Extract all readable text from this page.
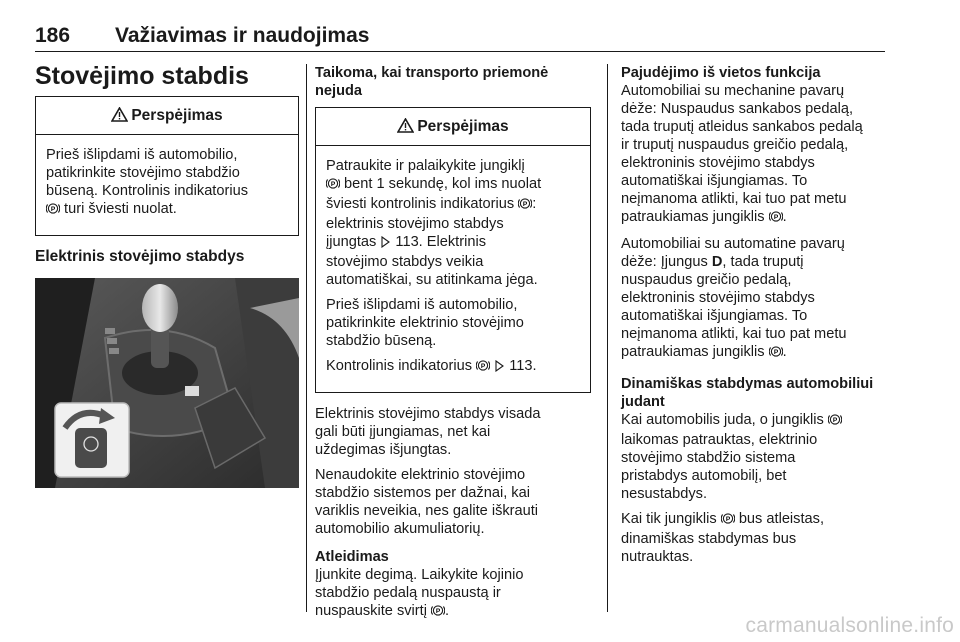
186 Važiavimas ir naudojimas
Stovėjimo stabdis
Perspėjimas

Prieš išlipdami iš automobilio,
patikrinkite stovėjimo stabdžio
būseną. Kontrolinis indikatorius

P turi šviesti nuolat.

Elektrinis stovėjimo stabdys

Taikoma, kai transporto priemonė
nejuda

Perspėjimas

Patraukite ir palaikykite jungiklį

P bent 1 sekundę, kol ims nuolat
šviesti kontrolinis indikatorius P :
elektrinis stovėjimo stabdys
įjungtas  113. Elektrinis
stovėjimo stabdys veikia
automatiškai, su atitinkama jėga.

Prieš išlipdami iš automobilio,
patikrinkite elektrinio stovėjimo
stabdžio būseną.

Kontrolinis indikatorius P 113.

Elektrinis stovėjimo stabdys visada
gali būti įjungiamas, net kai
uždegimas išjungtas.

Nenaudokite elektrinio stovėjimo
stabdžio sistemos per dažnai, kai
variklis neveikia, nes galite iškrauti
automobilio akumuliatorių.

Atleidimas
Įjunkite degimą. Laikykite kojinio
stabdžio pedalą nuspaustą ir
nuspauskite svirtį P .

Pajudėjimo iš vietos funkcija
Automobiliai su mechanine pavarų
dėže: Nuspaudus sankabos pedalą,
tada truputį atleidus sankabos pedalą
ir truputį nuspaudus greičio pedalą,
elektroninis stovėjimo stabdys
automatiškai išjungiamas. To
neįmanoma atlikti, kai tuo pat metu
patraukiamas jungiklis P .

Automobiliai su automatine pavarų
dėže: Įjungus D, tada truputį
nuspaudus greičio pedalą,
elektroninis stovėjimo stabdys
automatiškai išjungiamas. To
neįmanoma atlikti, kai tuo pat metu
patraukiamas jungiklis P .

Dinamiškas stabdymas automobiliui
judant
Kai automobilis juda, o jungiklis P

laikomas patrauktas, elektrinio
stovėjimo stabdžio sistema
pristabdys automobilį, bet
nesustabdys.

Kai tik jungiklis P bus atleistas,
dinamiškas stabdymas bus
nutrauktas.

carmanualsonline.info
